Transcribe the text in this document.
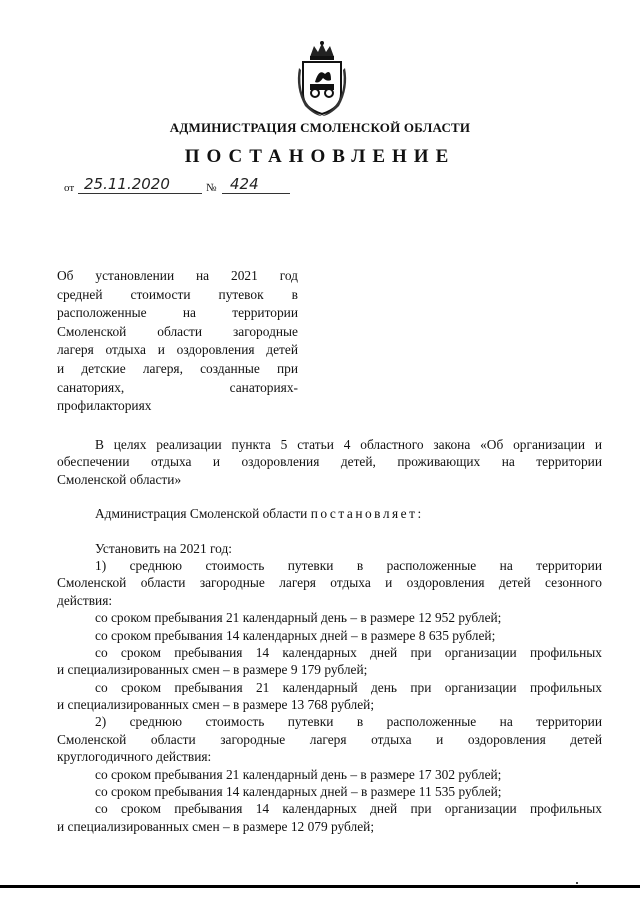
АДМИНИСТРАЦИЯ СМОЛЕНСКОЙ ОБЛАСТИ
ПОСТАНОВЛЕНИЕ
от 25.11.2020	№ 424
Об установлении на 2021 год
средней стоимости путевок в
расположенные на территории
Смоленской области загородные
лагеря отдыха и оздоровления детей
и детские лагеря, созданные при
санаториях, санаториях-
профилакториях
В целях реализации пункта 5 статьи 4 областного закона «Об организации и
обеспечении отдыха и оздоровления детей, проживающих на территории
Смоленской области»
Администрация Смоленской области постановляет:
Установить на 2021 год:
1) среднюю стоимость путевки в расположенные на территории
Смоленской области загородные лагеря отдыха и оздоровления детей сезонного
действия:
со сроком пребывания 21 календарный день – в размере 12 952 рублей;
со сроком пребывания 14 календарных дней – в размере 8 635 рублей;
со сроком пребывания 14 календарных дней при организации профильных
и специализированных смен – в размере 9 179 рублей;
со сроком пребывания 21 календарный день при организации профильных
и специализированных смен – в размере 13 768 рублей;
2) среднюю стоимость путевки в расположенные на территории
Смоленской области загородные лагеря отдыха и оздоровления детей
круглогодичного действия:
со сроком пребывания 21 календарный день – в размере 17 302 рублей;
со сроком пребывания 14 календарных дней – в размере 11 535 рублей;
со сроком пребывания 14 календарных дней при организации профильных
и специализированных смен – в размере 12 079 рублей;
